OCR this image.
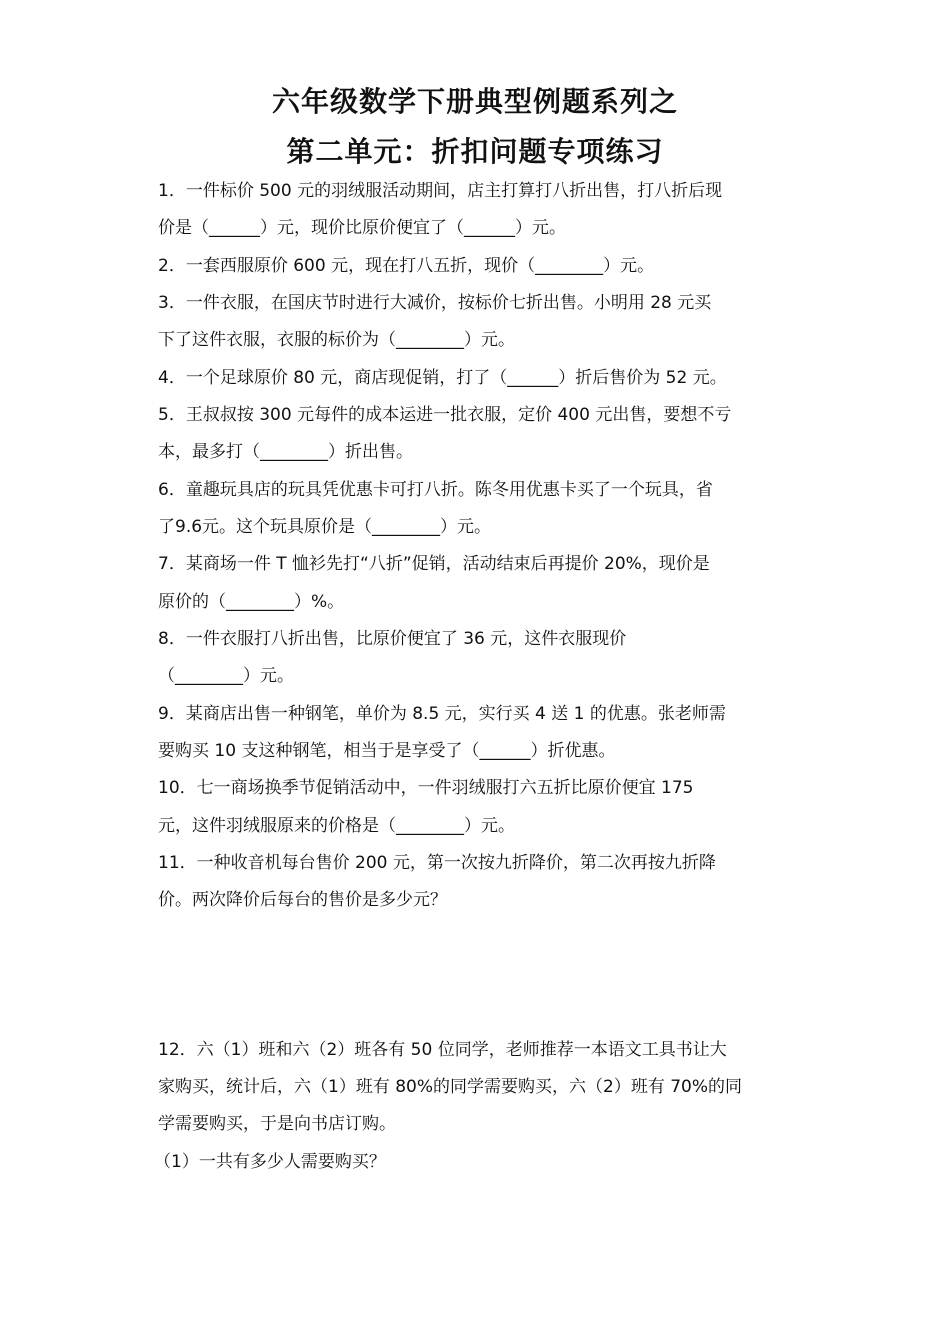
六年级数学下册典型例题系列之
第二单元：折扣问题专项练习
1．一件标价 500 元的羽绒服活动期间，店主打算打八折出售，打八折后现
价是（______）元，现价比原价便宜了（______）元。
2．一套西服原价 600 元，现在打八五折，现价（________）元。
3．一件衣服，在国庆节时进行大减价，按标价七折出售。小明用 28 元买
下了这件衣服，衣服的标价为（________）元。
4．一个足球原价 80 元，商店现促销，打了（______）折后售价为 52 元。
5．王叔叔按 300 元每件的成本运进一批衣服，定价 400 元出售，要想不亏
本，最多打（________）折出售。
6．童趣玩具店的玩具凭优惠卡可打八折。陈冬用优惠卡买了一个玩具，省
了9.6元。这个玩具原价是（________）元。
7．某商场一件 T 恤衫先打“八折”促销，活动结束后再提价 20%，现价是
原价的（________）%。
8．一件衣服打八折出售，比原价便宜了 36 元，这件衣服现价
（________）元。
9．某商店出售一种钢笔，单价为 8.5 元，实行买 4 送 1 的优惠。张老师需
要购买 10 支这种钢笔，相当于是享受了（______）折优惠。
10．七一商场换季节促销活动中，一件羽绒服打六五折比原价便宜 175
元，这件羽绒服原来的价格是（________）元。
11．一种收音机每台售价 200 元，第一次按九折降价，第二次再按九折降
价。两次降价后每台的售价是多少元？
12．六（1）班和六（2）班各有 50 位同学，老师推荐一本语文工具书让大
家购买，统计后，六（1）班有 80%的同学需要购买，六（2）班有 70%的同
学需要购买，于是向书店订购。
（1）一共有多少人需要购买？
